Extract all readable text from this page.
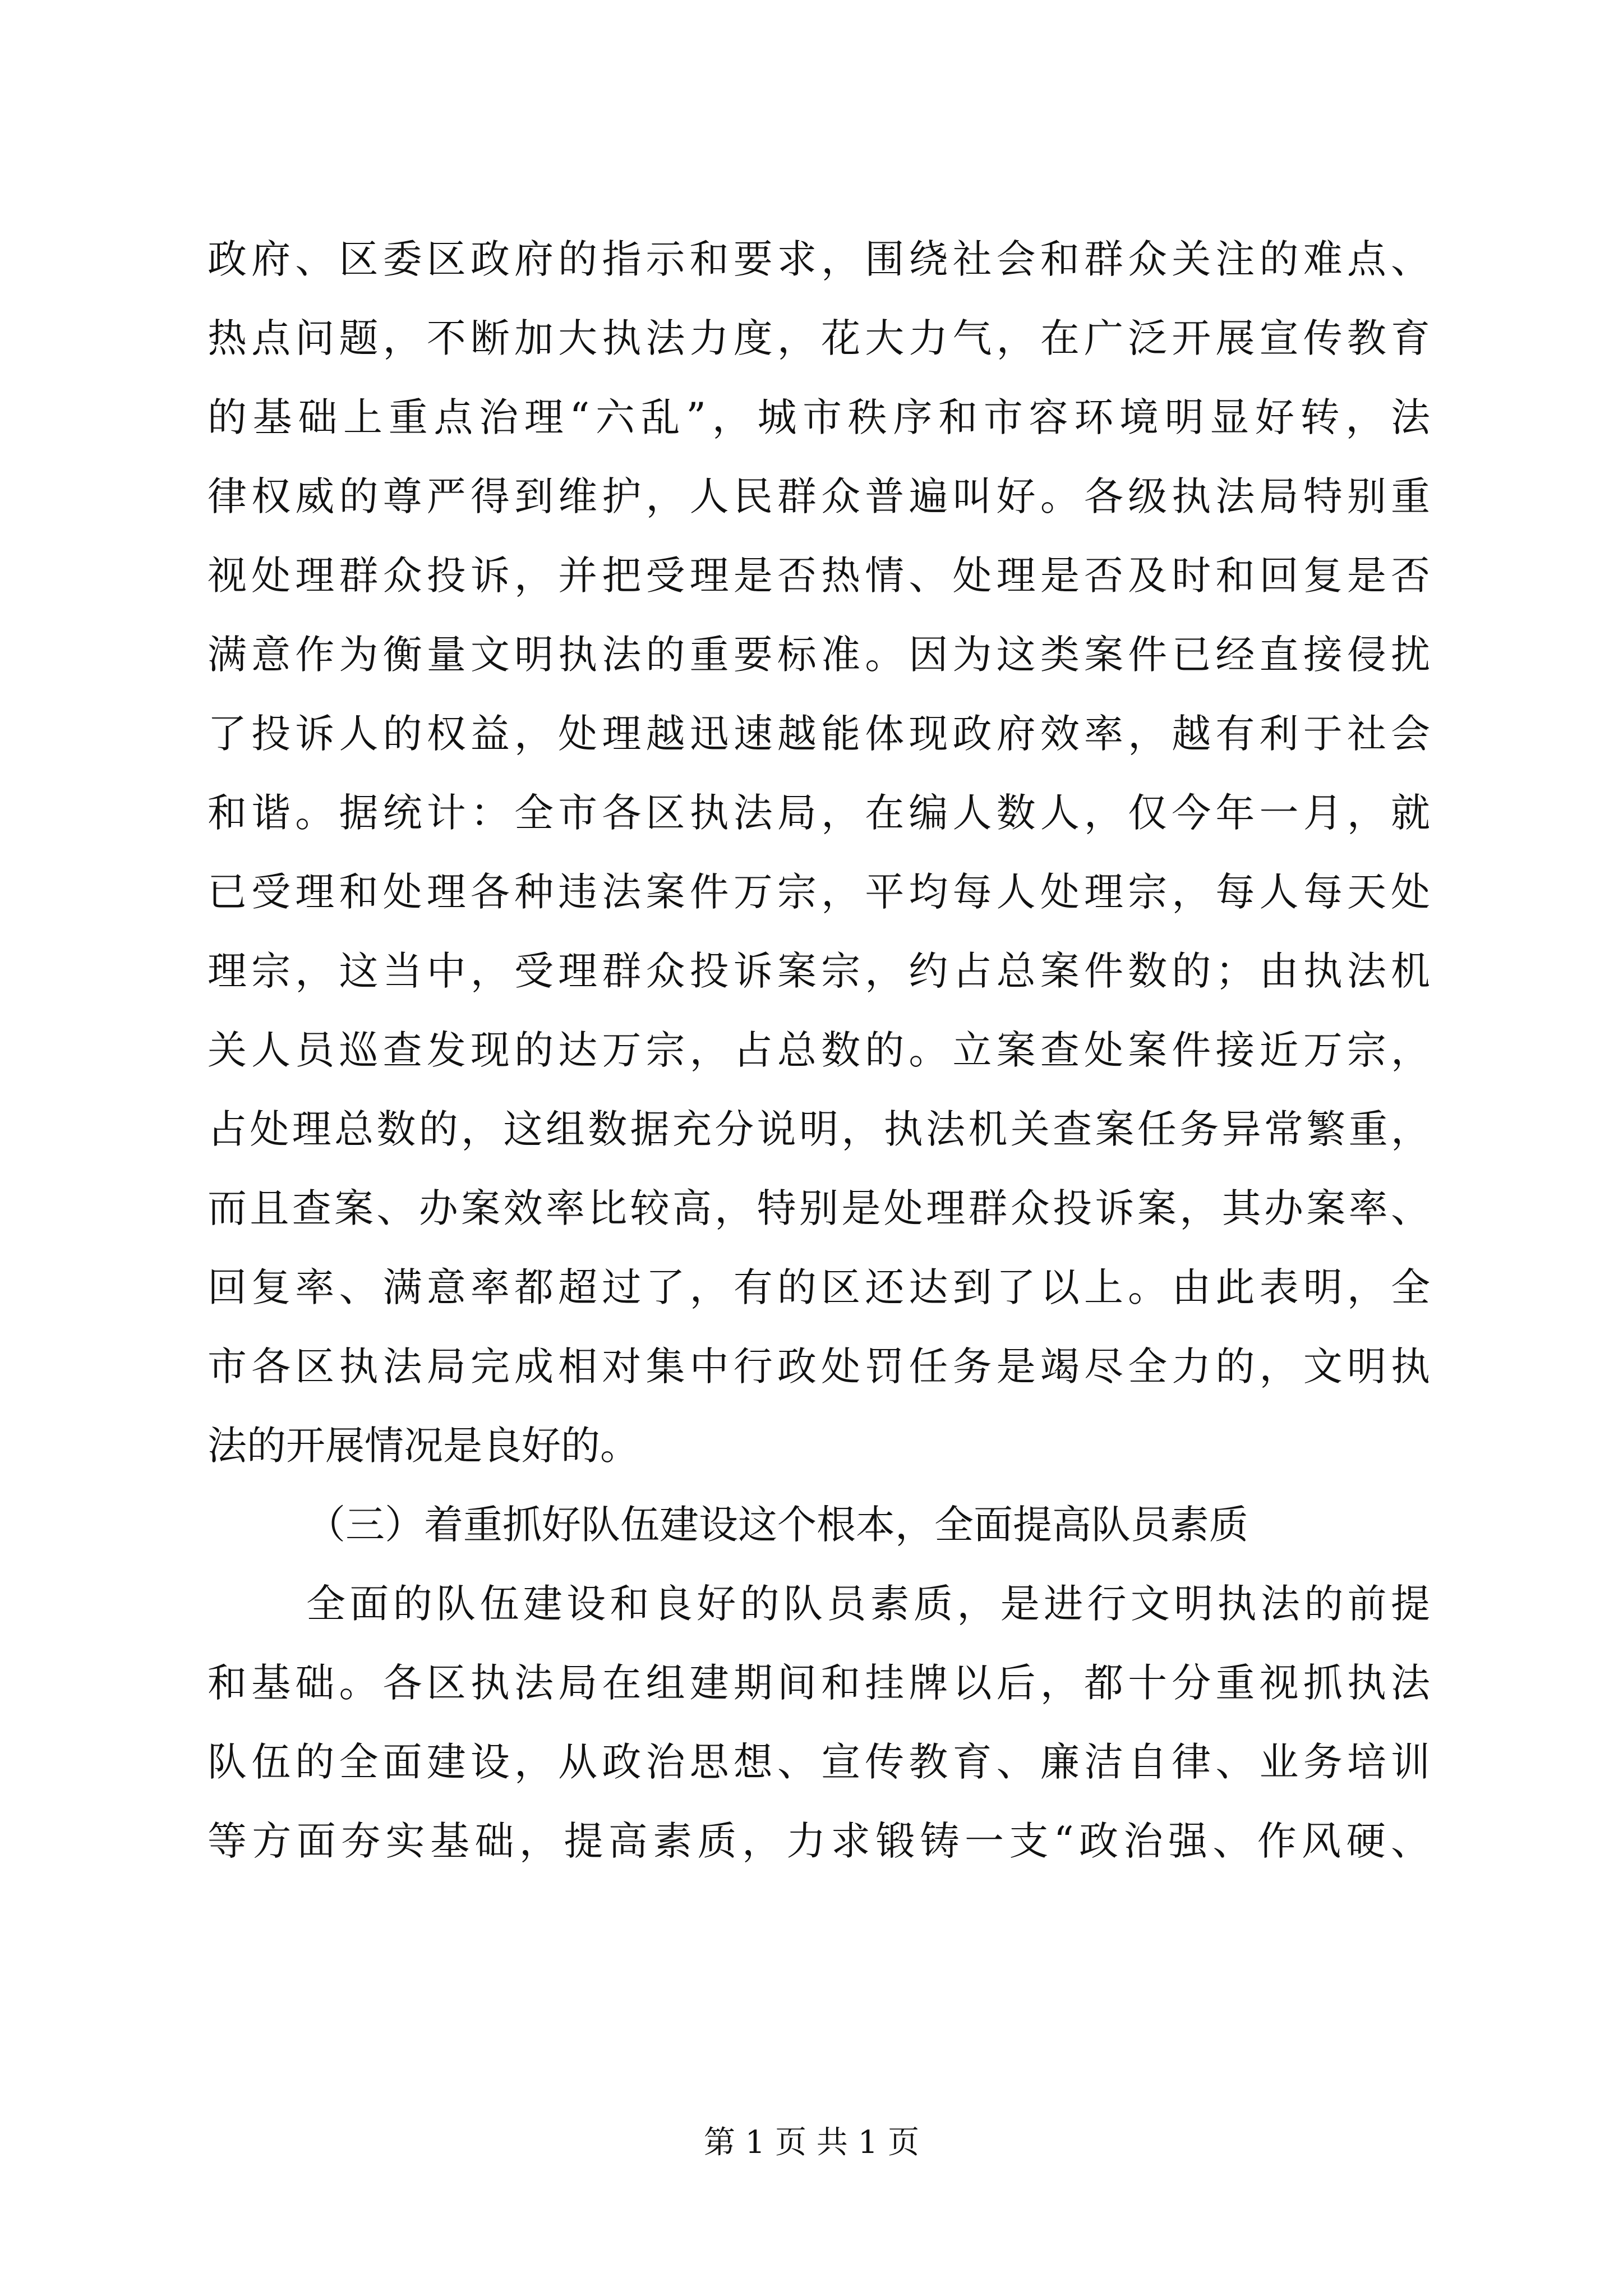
政府、区委区政府的指示和要求，围绕社会和群众关注的难点、
热点问题，不断加大执法力度，花大力气，在广泛开展宣传教育
的基础上重点治理“六乱”，城市秩序和市容环境明显好转，法
律权威的尊严得到维护，人民群众普遍叫好。各级执法局特别重
视处理群众投诉，并把受理是否热情、处理是否及时和回复是否
满意作为衡量文明执法的重要标准。因为这类案件已经直接侵扰
了投诉人的权益，处理越迅速越能体现政府效率，越有利于社会
和谐。据统计：全市各区执法局，在编人数人，仅今年一月，就
已受理和处理各种违法案件万宗，平均每人处理宗，每人每天处
理宗，这当中，受理群众投诉案宗，约占总案件数的；由执法机
关人员巡查发现的达万宗，占总数的。立案查处案件接近万宗，
占处理总数的，这组数据充分说明，执法机关查案任务异常繁重，
而且查案、办案效率比较高，特别是处理群众投诉案，其办案率、
回复率、满意率都超过了，有的区还达到了以上。由此表明，全
市各区执法局完成相对集中行政处罚任务是竭尽全力的，文明执
法的开展情况是良好的。
（三）着重抓好队伍建设这个根本，全面提高队员素质
全面的队伍建设和良好的队员素质，是进行文明执法的前提
和基础。各区执法局在组建期间和挂牌以后，都十分重视抓执法
队伍的全面建设，从政治思想、宣传教育、廉洁自律、业务培训
等方面夯实基础，提高素质，力求锻铸一支“政治强、作风硬、
第 1 页 共 1 页
